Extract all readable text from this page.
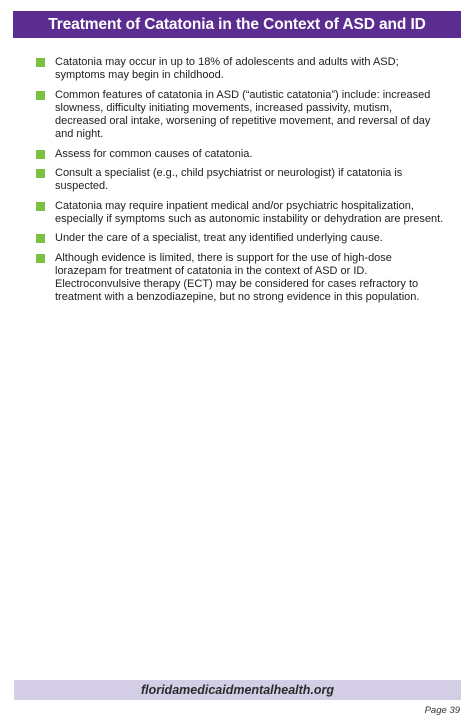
Treatment of Catatonia in the Context of ASD and ID
Catatonia may occur in up to 18% of adolescents and adults with ASD; symptoms may begin in childhood.
Common features of catatonia in ASD (“autistic catatonia”) include: increased slowness, difficulty initiating movements, increased passivity, mutism, decreased oral intake, worsening of repetitive movement, and reversal of day and night.
Assess for common causes of catatonia.
Consult a specialist (e.g., child psychiatrist or neurologist) if catatonia is suspected.
Catatonia may require inpatient medical and/or psychiatric hospitalization, especially if symptoms such as autonomic instability or dehydration are present.
Under the care of a specialist, treat any identified underlying cause.
Although evidence is limited, there is support for the use of high-dose lorazepam for treatment of catatonia in the context of ASD or ID. Electroconvulsive therapy (ECT) may be considered for cases refractory to treatment with a benzodiazepine, but no strong evidence in this population.
floridamedicaidmentalhealth.org
Page 39
